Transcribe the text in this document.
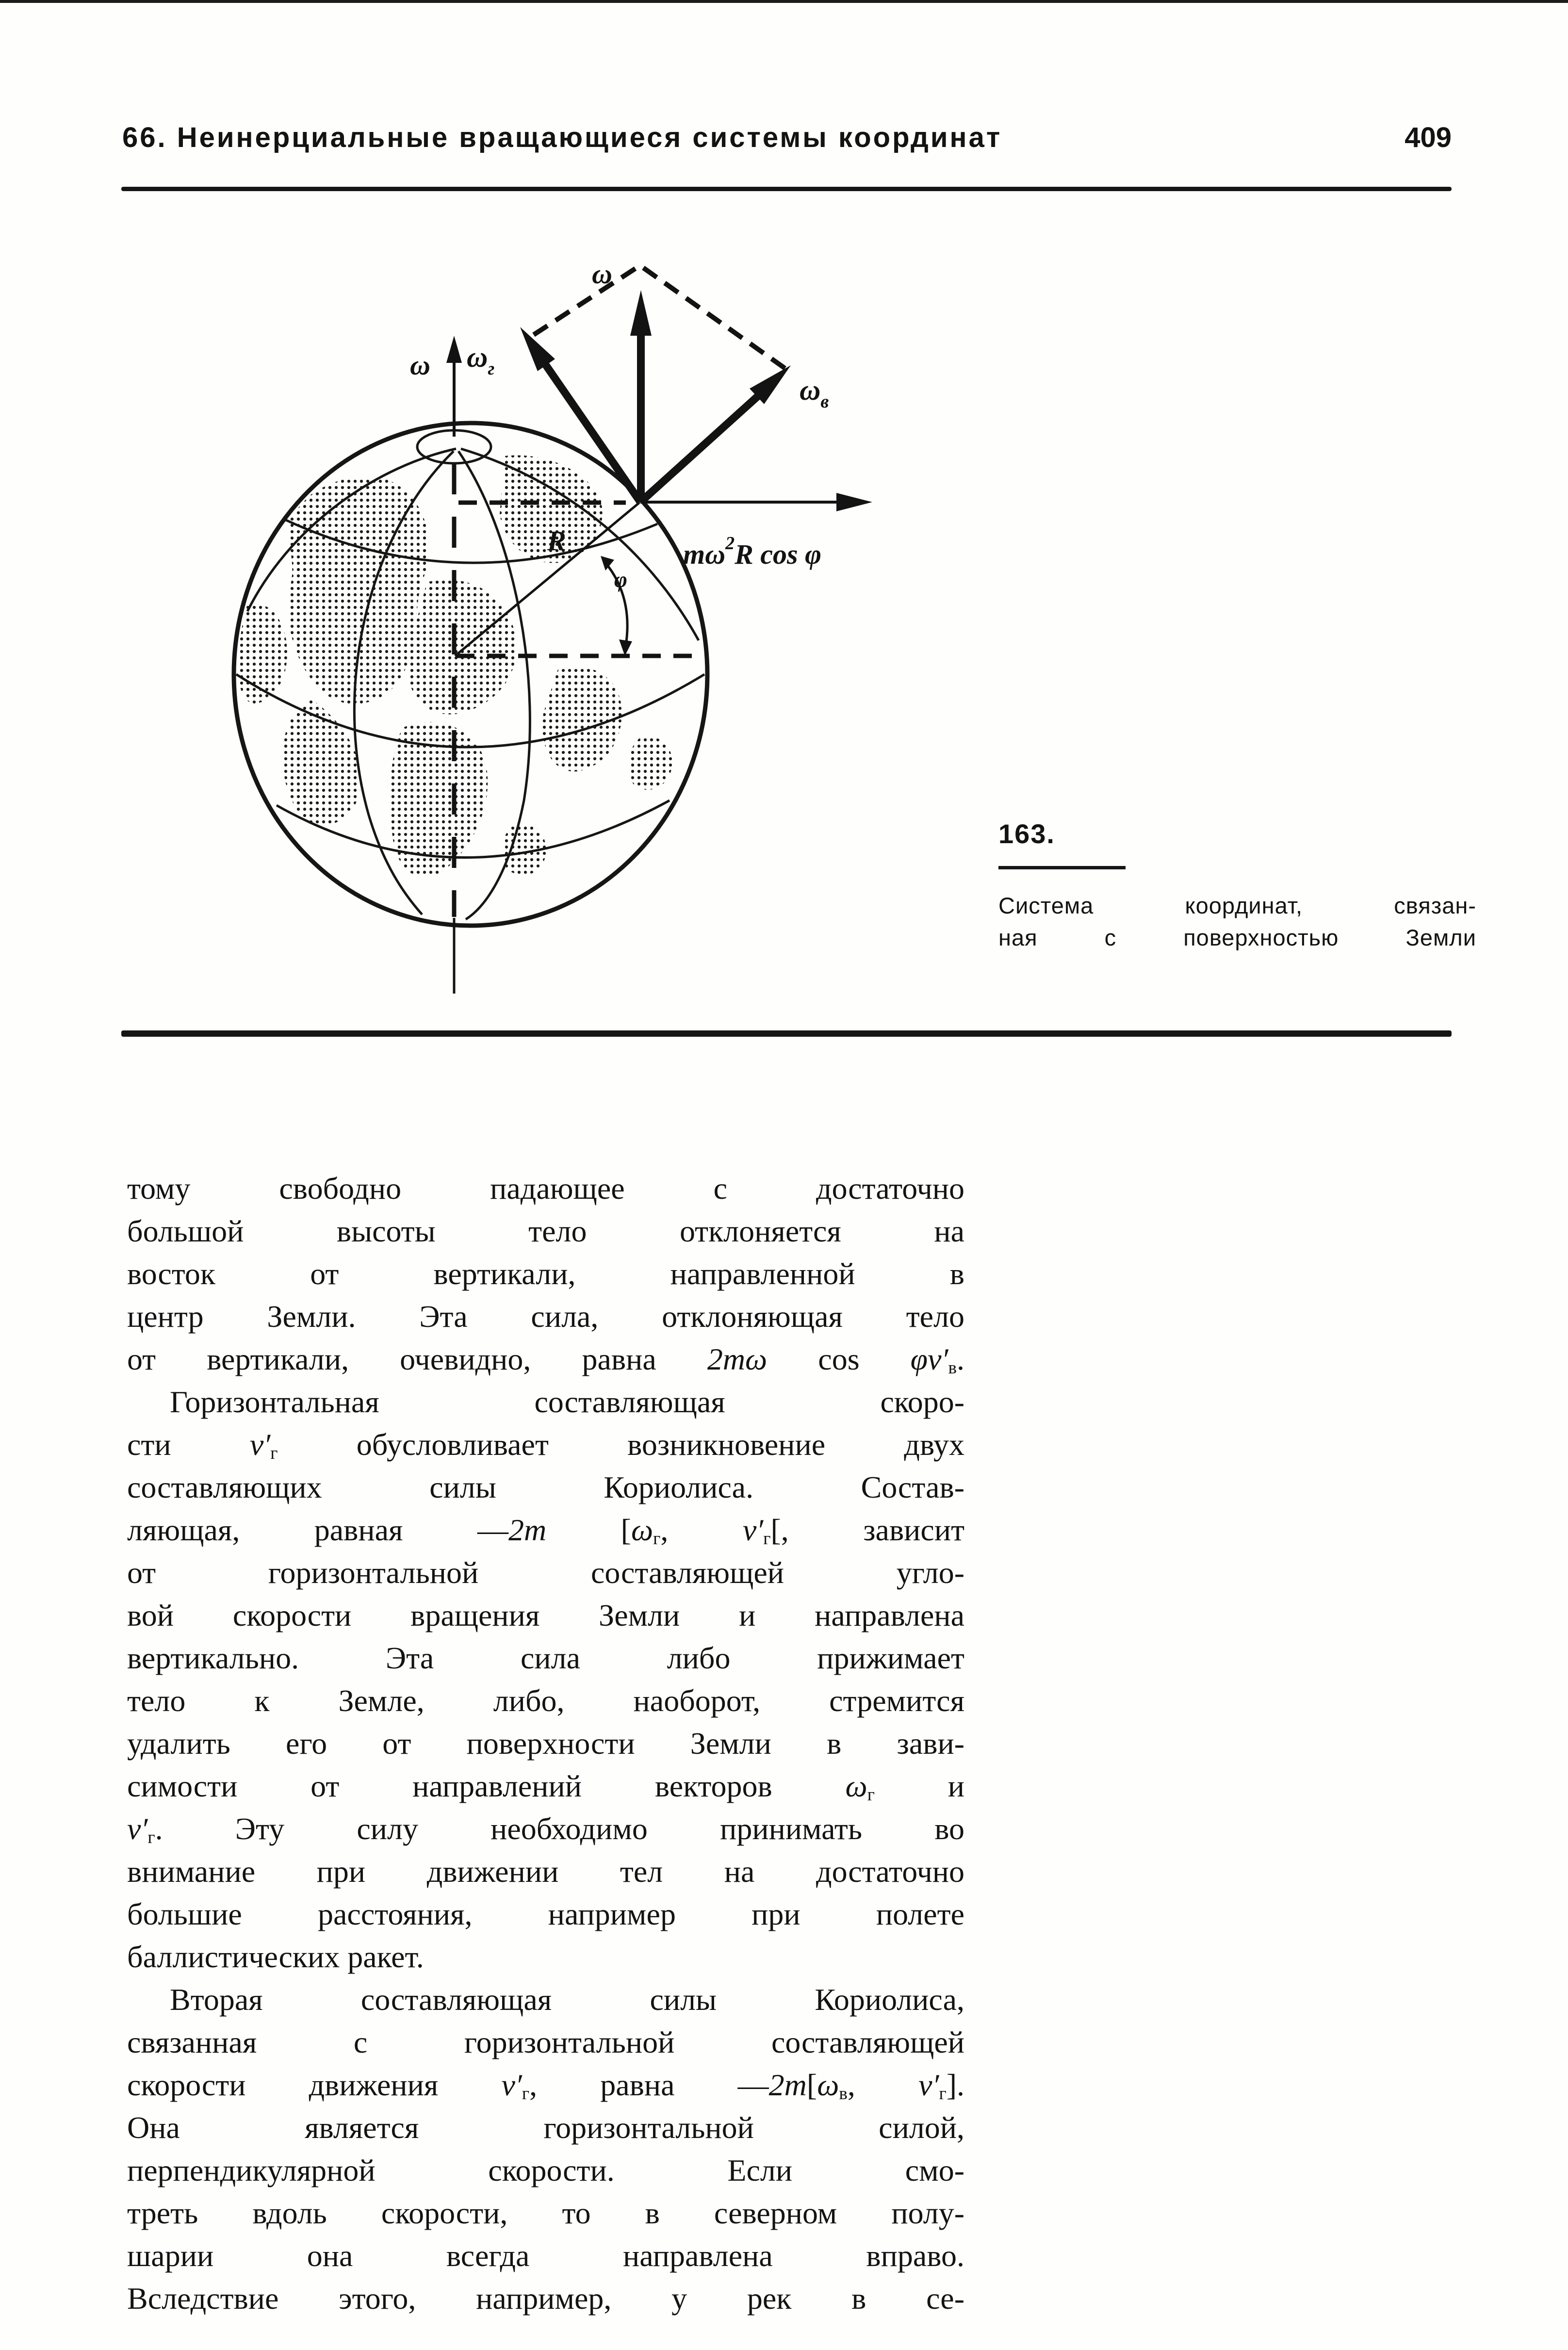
66. Неинерциальные вращающиеся системы координат	409
ω
ω
$\omega_г$
$\omega_в$
$m\omega^2R$ cos φ
R
φ
163.
Система координат, связан-
ная с поверхностью Земли
тому свободно падающее с достаточно
большой высоты тело отклоняется на
восток от вертикали, направленной в
центр Земли. Эта сила, отклоняющая тело
от вертикали, очевидно, равна 2mω $\cos \varphi v'_в$.
Горизонтальная составляющая скоро-
сти $v'_г$ обусловливает возникновение двух
составляющих силы Кориолиса. Состав-
ляющая, равная —2m [$\omega_г$, $v'_г$[, зависит
от горизонтальной составляющей угло-
вой скорости вращения Земли и направлена
вертикально. Эта сила либо прижимает
тело к Земле, либо, наоборот, стремится
удалить его от поверхности Земли в зави-
симости от направлений векторов $\omega_г$ и
$v'_г$. Эту силу необходимо принимать во
внимание при движении тел на достаточно
большие расстояния, например при полете
баллистических ракет.
Вторая составляющая силы Кориолиса,
связанная с горизонтальной составляющей
скорости движения $v'_г$, равна $—2m[\omega_в$, $v'_г$].
Она является горизонтальной силой,
перпендикулярной скорости. Если смо-
треть вдоль скорости, то в северном полу-
шарии она всегда направлена вправо.
Вследствие этого, например, у рек в се-
